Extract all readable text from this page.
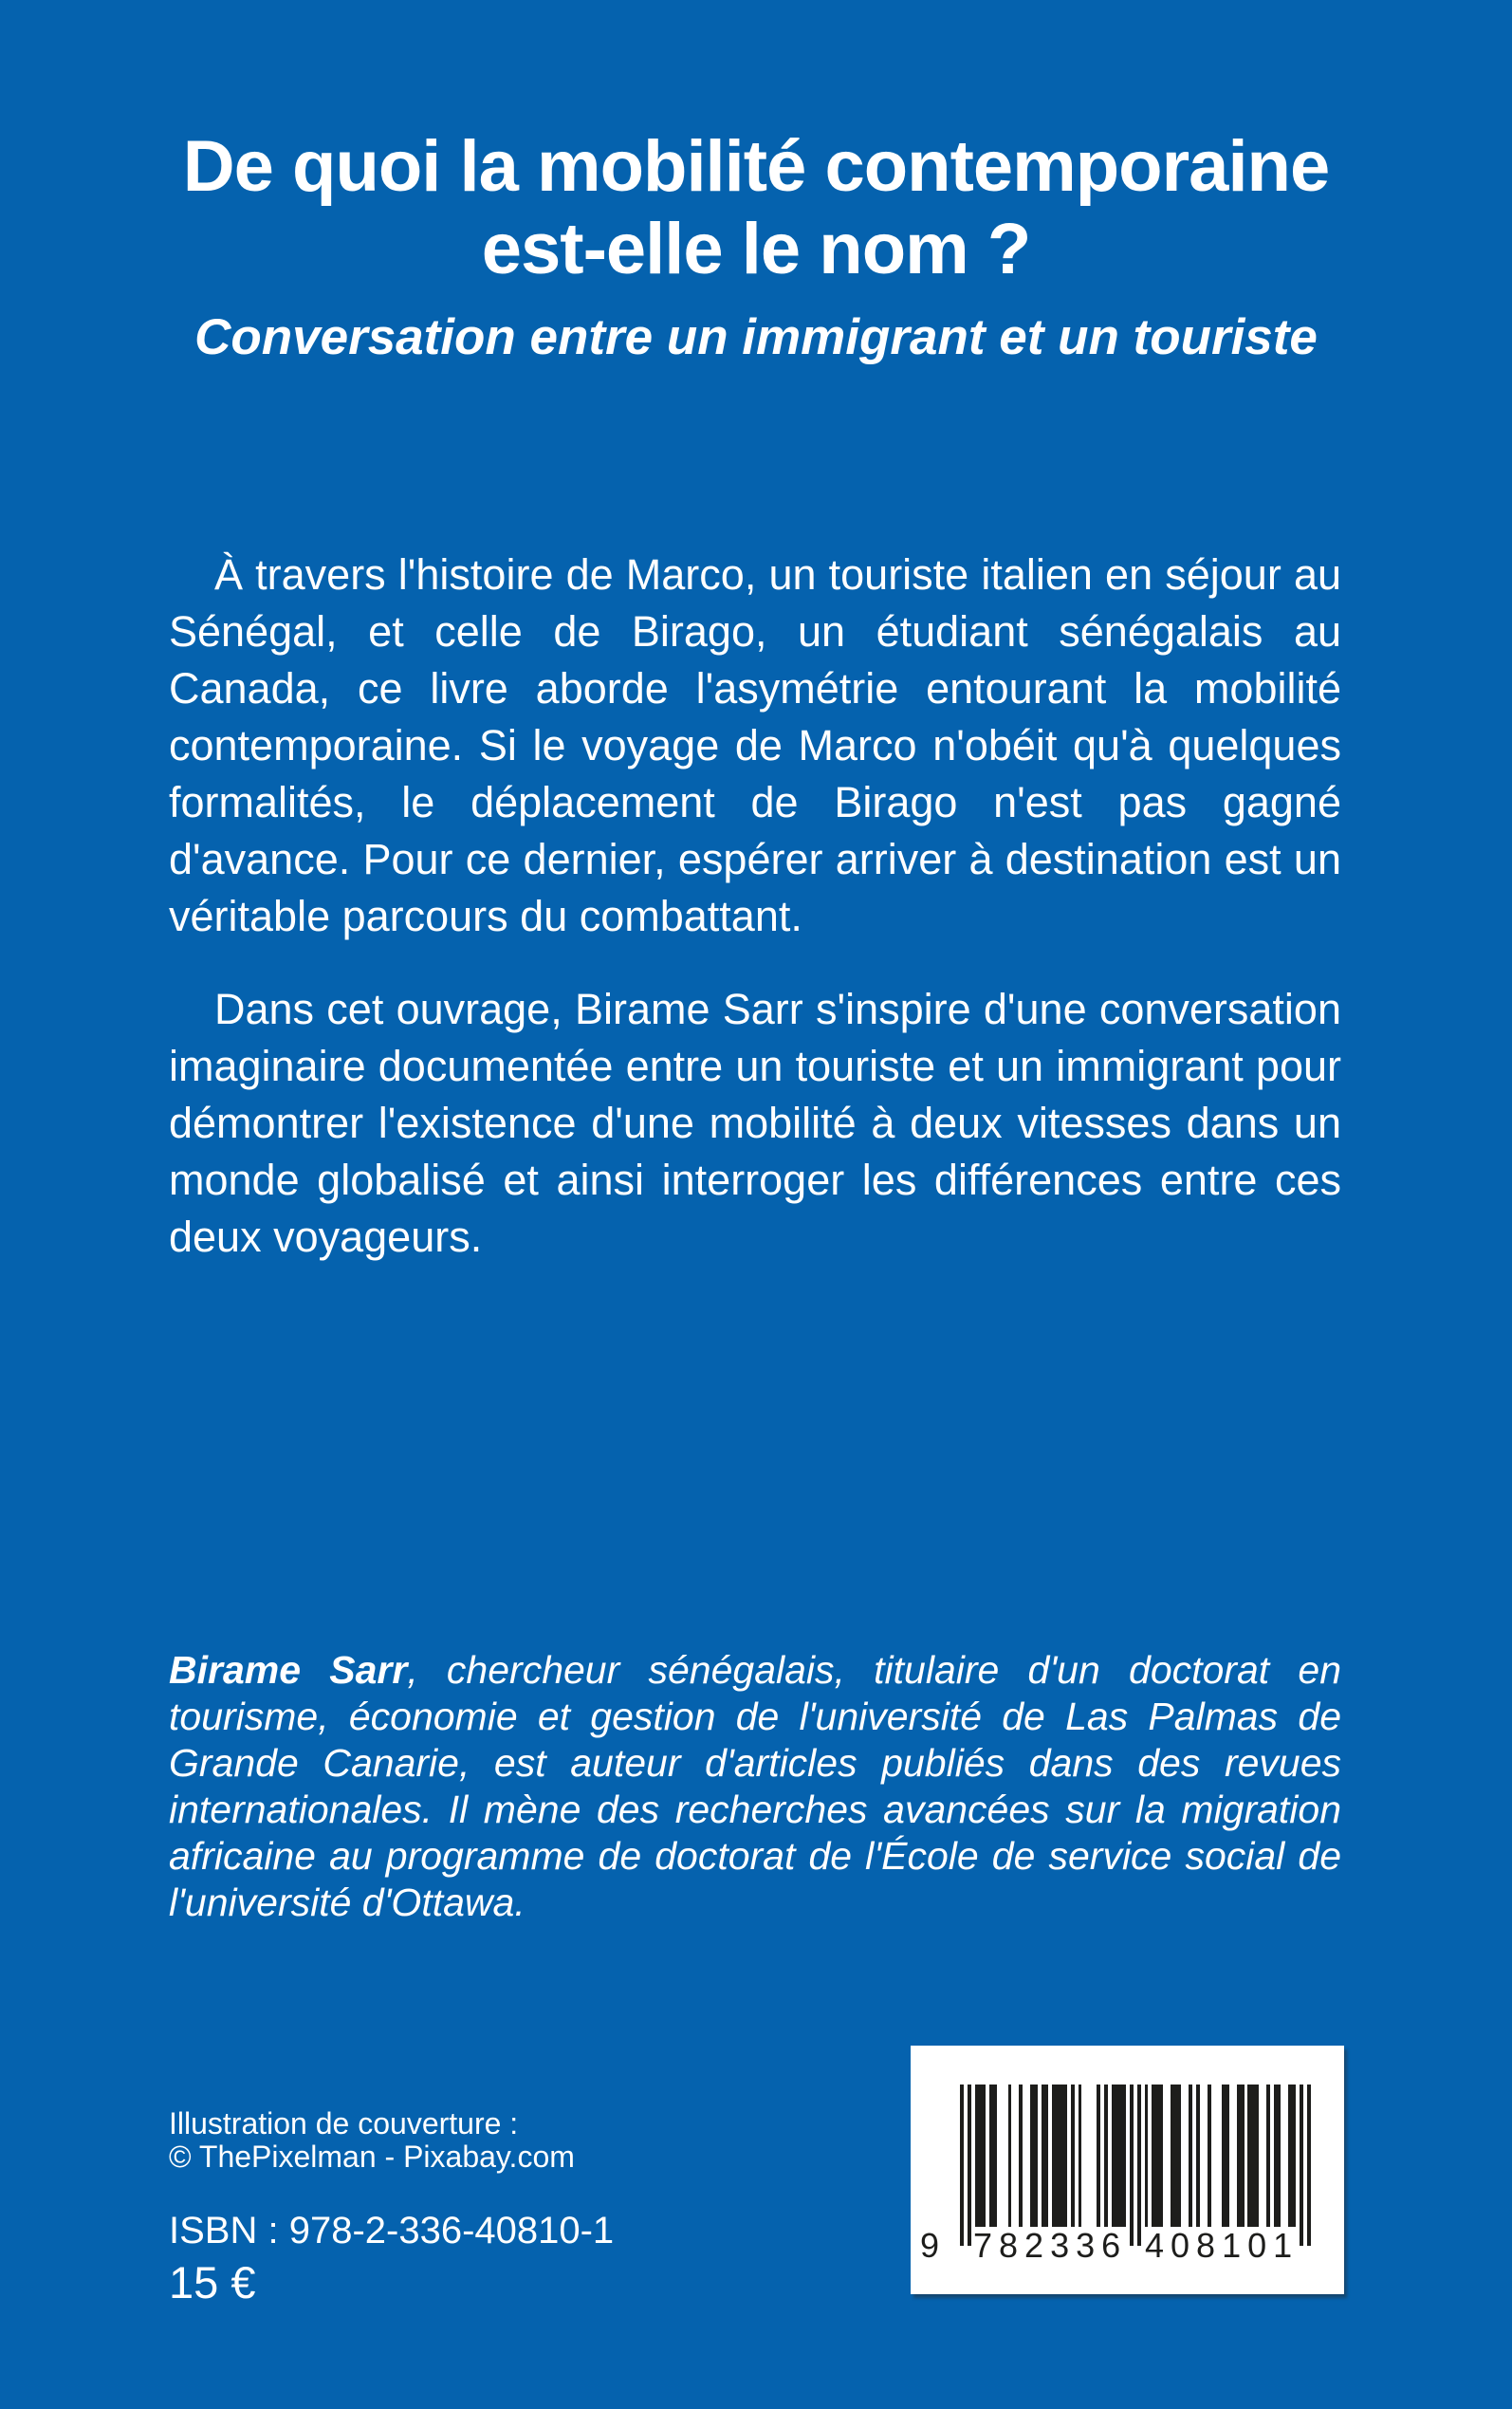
De quoi la mobilité contemporaine
est-elle le nom ?
Conversation entre un immigrant et un touriste

À travers l'histoire de Marco, un touriste italien en séjour au Sénégal, et celle de Birago, un étudiant sénégalais au Canada, ce livre aborde l'asymétrie entourant la mobilité contemporaine. Si le voyage de Marco n'obéit qu'à quelques formalités, le déplacement de Birago n'est pas gagné d'avance. Pour ce dernier, espérer arriver à destination est un véritable parcours du combattant.

Dans cet ouvrage, Birame Sarr s'inspire d'une conversation imaginaire documentée entre un touriste et un immigrant pour démontrer l'existence d'une mobilité à deux vitesses dans un monde globalisé et ainsi interroger les différences entre ces deux voyageurs.

Birame Sarr, chercheur sénégalais, titulaire d'un doctorat en tourisme, économie et gestion de l'université de Las Palmas de Grande Canarie, est auteur d'articles publiés dans des revues internationales. Il mène des recherches avancées sur la migration africaine au programme de doctorat de l'École de service social de l'université d'Ottawa.

Illustration de couverture :
© ThePixelman - Pixabay.com
ISBN : 978-2-336-40810-1
15 €
9 782336 408101
